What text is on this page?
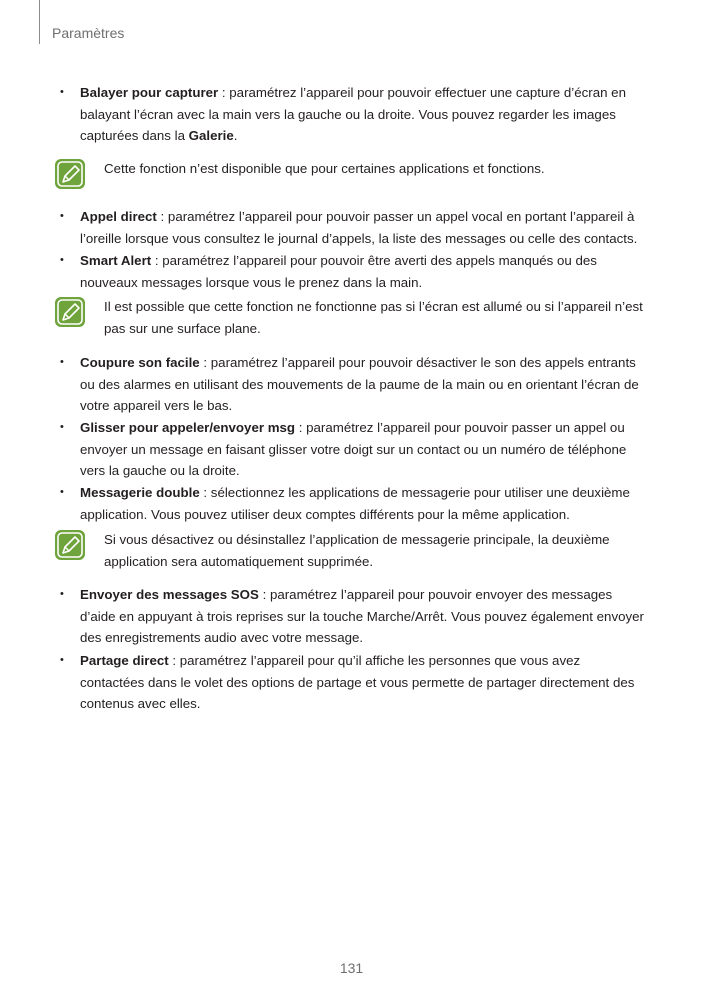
Paramètres
•	Balayer pour capturer : paramétrez l’appareil pour pouvoir effectuer une capture d’écran en balayant l’écran avec la main vers la gauche ou la droite. Vous pouvez regarder les images capturées dans la Galerie.
Cette fonction n’est disponible que pour certaines applications et fonctions.
•	Appel direct : paramétrez l’appareil pour pouvoir passer un appel vocal en portant l’appareil à l’oreille lorsque vous consultez le journal d’appels, la liste des messages ou celle des contacts.
•	Smart Alert : paramétrez l’appareil pour pouvoir être averti des appels manqués ou des nouveaux messages lorsque vous le prenez dans la main.
Il est possible que cette fonction ne fonctionne pas si l’écran est allumé ou si l’appareil n’est pas sur une surface plane.
•	Coupure son facile : paramétrez l’appareil pour pouvoir désactiver le son des appels entrants ou des alarmes en utilisant des mouvements de la paume de la main ou en orientant l’écran de votre appareil vers le bas.
•	Glisser pour appeler/envoyer msg : paramétrez l’appareil pour pouvoir passer un appel ou envoyer un message en faisant glisser votre doigt sur un contact ou un numéro de téléphone vers la gauche ou la droite.
•	Messagerie double : sélectionnez les applications de messagerie pour utiliser une deuxième application. Vous pouvez utiliser deux comptes différents pour la même application.
Si vous désactivez ou désinstallez l’application de messagerie principale, la deuxième application sera automatiquement supprimée.
•	Envoyer des messages SOS : paramétrez l’appareil pour pouvoir envoyer des messages d’aide en appuyant à trois reprises sur la touche Marche/Arrêt. Vous pouvez également envoyer des enregistrements audio avec votre message.
•	Partage direct : paramétrez l’appareil pour qu’il affiche les personnes que vous avez contactées dans le volet des options de partage et vous permette de partager directement des contenus avec elles.
131
